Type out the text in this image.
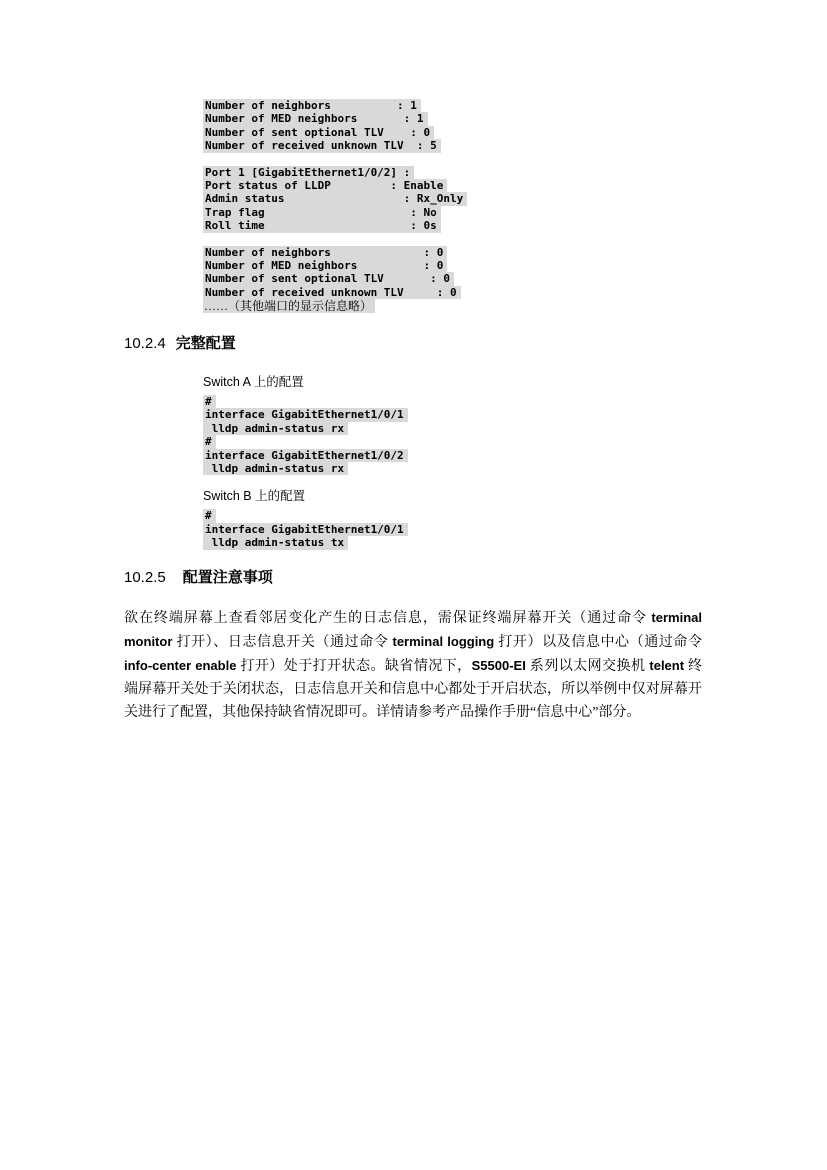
Number of neighbors          : 1
Number of MED neighbors       : 1
Number of sent optional TLV    : 0
Number of received unknown TLV  : 5
Port 1 [GigabitEthernet1/0/2] :
Port status of LLDP         : Enable
Admin status                  : Rx_Only
Trap flag                      : No
Roll time                      : 0s
Number of neighbors              : 0
Number of MED neighbors          : 0
Number of sent optional TLV       : 0
Number of received unknown TLV     : 0
……（其他端口的显示信息略）
10.2.4 完整配置
Switch A 上的配置
#
interface GigabitEthernet1/0/1
lldp admin-status rx
#
interface GigabitEthernet1/0/2
lldp admin-status rx
Switch B 上的配置
#
interface GigabitEthernet1/0/1
lldp admin-status tx
10.2.5 配置注意事项

欲在终端屏幕上查看邻居变化产生的日志信息，需保证终端屏幕开关（通过命令 terminal monitor 打开）、日志信息开关（通过命令 terminal logging 打开）以及信息中心（通过命令 info-center enable 打开）处于打开状态。缺省情况下，S5500-EI 系列以太网交换机 telent 终端屏幕开关处于关闭状态，日志信息开关和信息中心都处于开启状态，所以举例中仅对屏幕开关进行了配置，其他保持缺省情况即可。详情请参考产品操作手册“信息中心”部分。
